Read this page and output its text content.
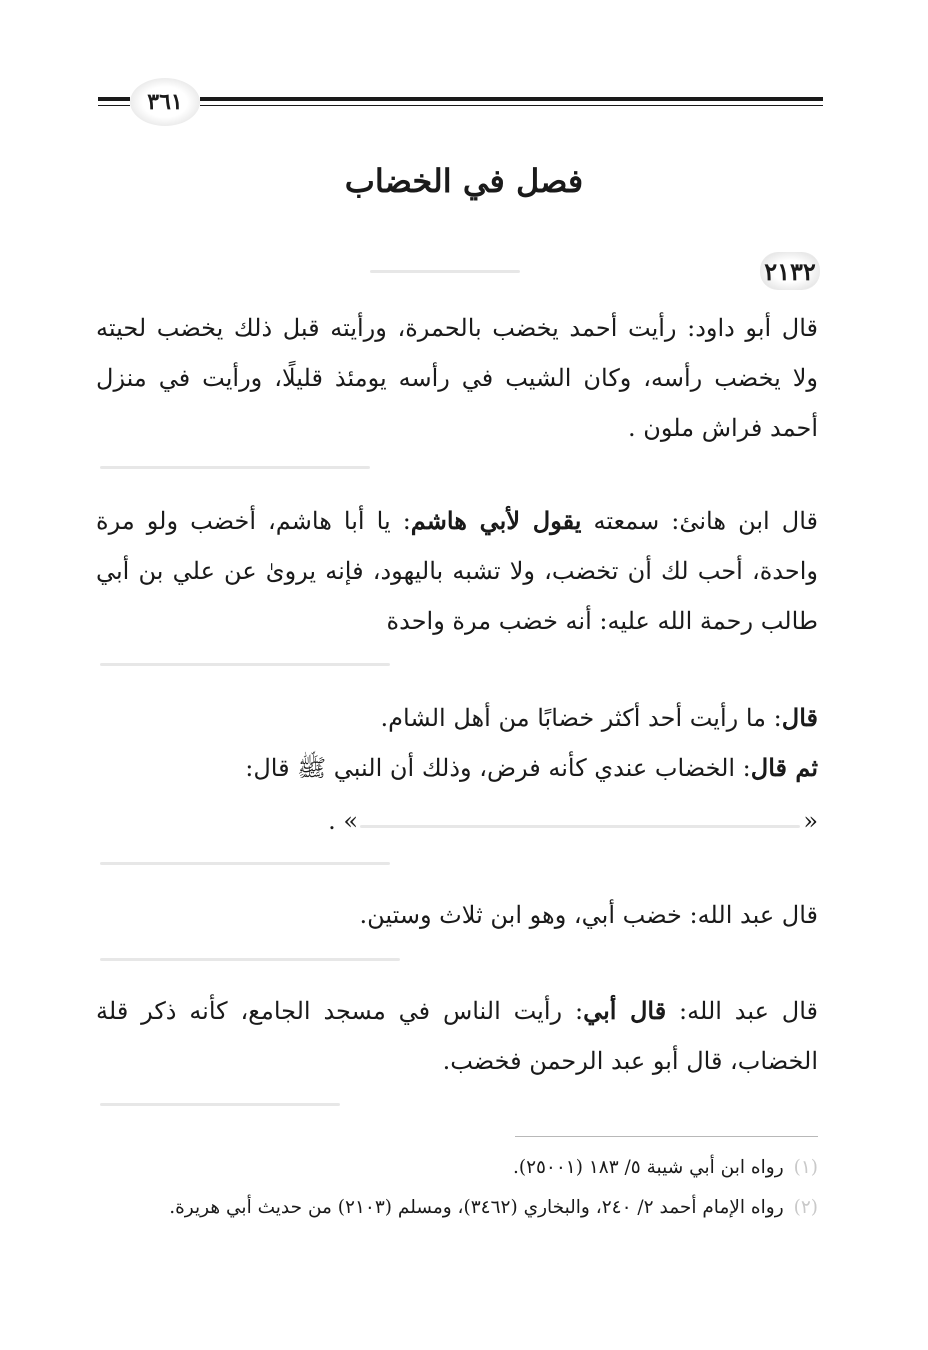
٣٦١
فصل في الخضاب
٢١٣٢
قال أبو داود: رأيت أحمد يخضب بالحمرة، ورأيته قبل ذلك يخضب لحيته ولا يخضب رأسه، وكان الشيب في رأسه يومئذ قليلًا، ورأيت في منزل أحمد فراش ملون .
قال ابن هانئ: سمعته يقول لأبي هاشم: يا أبا هاشم، أخضب ولو مرة واحدة، أحب لك أن تخضب، ولا تشبه باليهود، فإنه يروىٰ عن علي بن أبي طالب رحمة الله عليه: أنه خضب مرة واحدة
قال: ما رأيت أحد أكثر خضابًا من أهل الشام.
ثم قال: الخضاب عندي كأنه فرض، وذلك أن النبي ﷺ قال:
«  » .
قال عبد الله: خضب أبي، وهو ابن ثلاث وستين.
قال عبد الله: قال أبي: رأيت الناس في مسجد الجامع، كأنه ذكر قلة الخضاب، قال أبو عبد الرحمن فخضب.
(١)رواه ابن أبي شيبة ٥/ ١٨٣ (٢٥٠٠١).
(٢)رواه الإمام أحمد ٢/ ٢٤٠، والبخاري (٣٤٦٢)، ومسلم (٢١٠٣) من حديث أبي هريرة.
